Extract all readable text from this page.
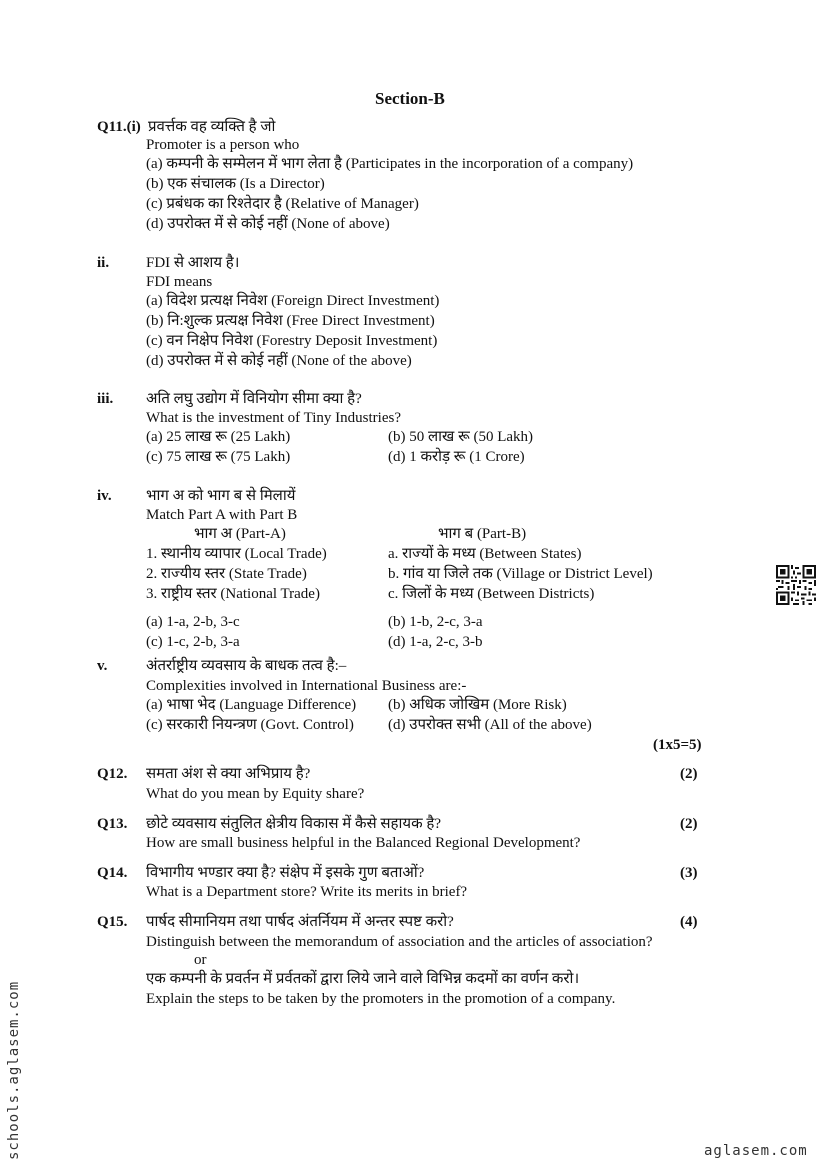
Section-B
Q11.(i) प्रवर्त्तक वह व्यक्ति है जो
Promoter is a person who
(a) कम्पनी के सम्मेलन में भाग लेता है (Participates in the incorporation of a company)
(b) एक संचालक (Is a Director)
(c) प्रबंधक का रिश्तेदार है (Relative of Manager)
(d) उपरोक्त में से कोई नहीं (None of above)
ii. FDI से आशय है।
FDI means
(a) विदेश प्रत्यक्ष निवेश (Foreign Direct Investment)
(b) नि:शुल्क प्रत्यक्ष निवेश (Free Direct Investment)
(c) वन निक्षेप निवेश (Forestry Deposit Investment)
(d) उपरोक्त में से कोई नहीं (None of the above)
iii. अति लघु उद्योग में विनियोग सीमा क्या है?
What is the investment of Tiny Industries?
(a) 25 लाख रू (25 Lakh)	(b) 50 लाख रू (50 Lakh)
(c) 75 लाख रू (75 Lakh)	(d) 1 करोड़ रू (1 Crore)
iv. भाग अ को भाग ब से मिलायें
Match Part A with Part B
भाग अ (Part-A)	भाग ब (Part-B)
1. स्थानीय व्यापार (Local Trade)	a. राज्यों के मध्य (Between States)
2. राज्यीय स्तर (State Trade)	b. गांव या जिले तक (Village or District Level)
3. राष्ट्रीय स्तर (National Trade)	c. जिलों के मध्य (Between Districts)
(a) 1-a, 2-b, 3-c	(b) 1-b, 2-c, 3-a
(c) 1-c, 2-b, 3-a	(d) 1-a, 2-c, 3-b
v.	अंतर्राष्ट्रीय व्यवसाय के बाधक तत्व है:–
Complexities involved in International Business are:-
(a) भाषा भेद (Language Difference) (b) अधिक जोखिम (More Risk)
(c) सरकारी नियन्त्रण (Govt. Control) (d) उपरोक्त सभी (All of the above)
(1x5=5)
Q12. समता अंश से क्या अभिप्राय है?
What do you mean by Equity share?
(2)
Q13. छोटे व्यवसाय संतुलित क्षेत्रीय विकास में कैसे सहायक है?
How are small business helpful in the Balanced Regional Development?
(2)
Q14. विभागीय भण्डार क्या है? संक्षेप में इसके गुण बताओं?
What is a Department store? Write its merits in brief?
(3)
Q15. पार्षद सीमानियम तथा पार्षद अंतर्नियम में अन्तर स्पष्ट करो?
Distinguish between the memorandum of association and the articles of association?
or
एक कम्पनी के प्रवर्तन में प्रर्वतकों द्वारा लिये जाने वाले विभिन्न कदमों का वर्णन करो।
Explain the steps to be taken by the promoters in the promotion of a company.
(4)
schools.aglasem.com	aglasem.com
